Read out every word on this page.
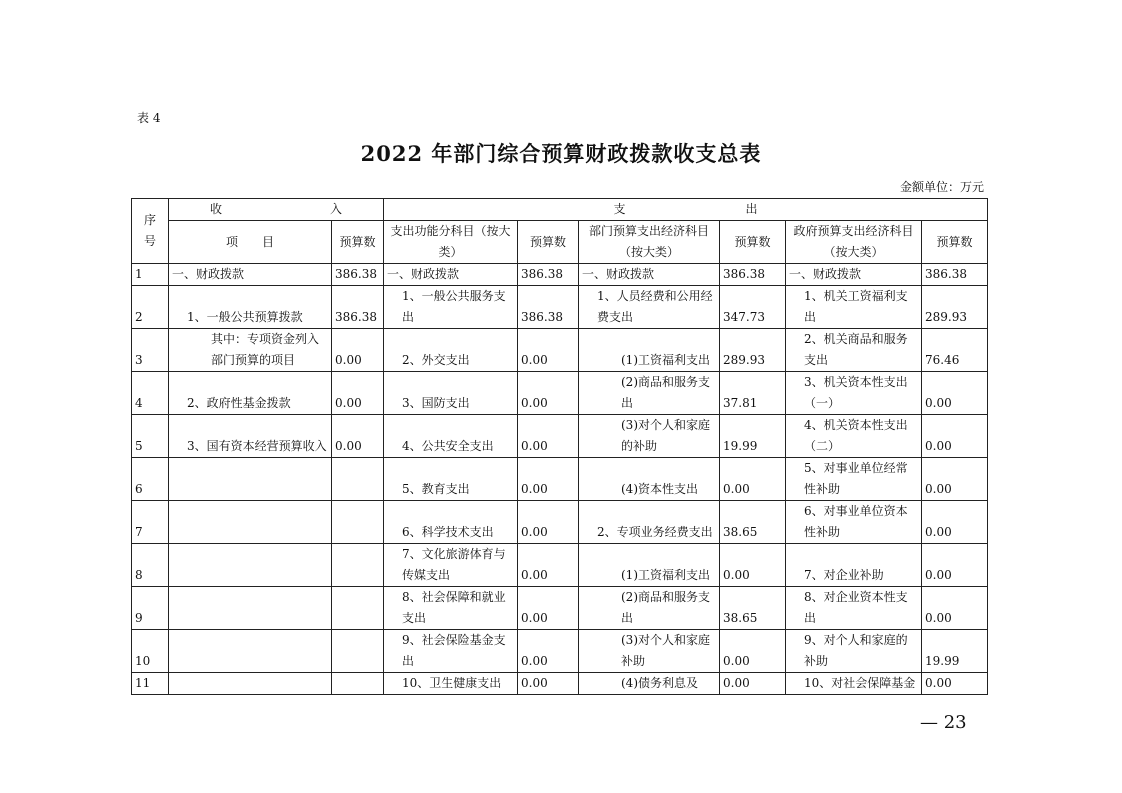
表 4
2022 年部门综合预算财政拨款收支总表
金额单位：万元
序号	收　　　　　　　　　入		支　　　　　　　　　　出					
	项　　目	预算数	支出功能分科目（按大类）	预算数	部门预算支出经济科目（按大类）	预算数	政府预算支出经济科目（按大类）	预算数
1	一、财政拨款	386.38	一、财政拨款	386.38	一、财政拨款	386.38	一、财政拨款	386.38
2	1、一般公共预算拨款	386.38	1、一般公共服务支出	386.38	1、人员经费和公用经费支出	347.73	1、机关工资福利支出	289.93
3	其中：专项资金列入部门预算的项目	0.00	2、外交支出	0.00	(1)工资福利支出	289.93	2、机关商品和服务支出	76.46
4	2、政府性基金拨款	0.00	3、国防支出	0.00	(2)商品和服务支出	37.81	3、机关资本性支出（一）	0.00
5	3、国有资本经营预算收入	0.00	4、公共安全支出	0.00	(3)对个人和家庭的补助	19.99	4、机关资本性支出（二）	0.00
6			5、教育支出	0.00	(4)资本性支出	0.00	5、对事业单位经常性补助	0.00
7			6、科学技术支出	0.00	2、专项业务经费支出	38.65	6、对事业单位资本性补助	0.00
8			7、文化旅游体育与传媒支出	0.00	(1)工资福利支出	0.00	7、对企业补助	0.00
9			8、社会保障和就业支出	0.00	(2)商品和服务支出	38.65	8、对企业资本性支出	0.00
10			9、社会保险基金支出	0.00	(3)对个人和家庭补助	0.00	9、对个人和家庭的补助	19.99
11			10、卫生健康支出	0.00	(4)债务利息及	0.00	10、对社会保障基金	0.00
— 23
